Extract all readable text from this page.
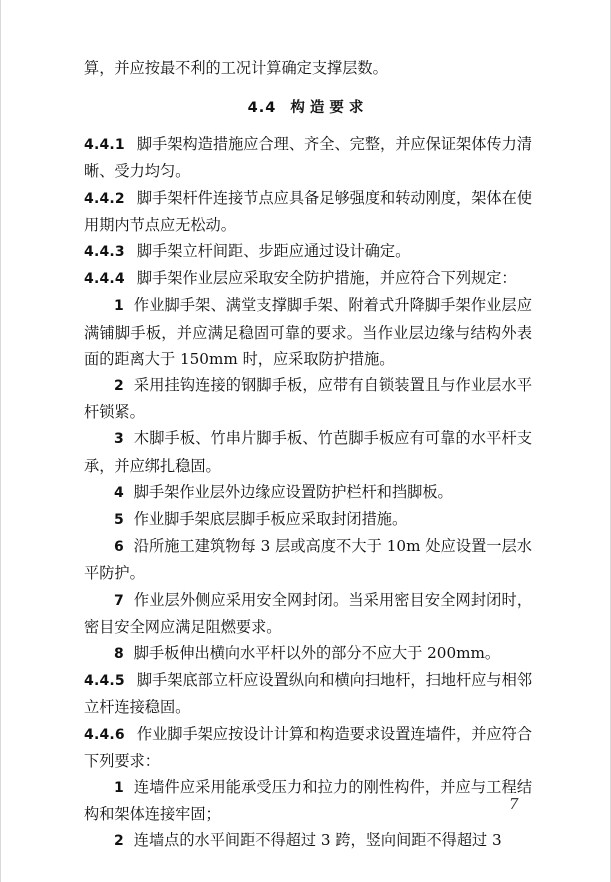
算，并应按最不利的工况计算确定支撑层数。

4.4 构造要求

4.4.1 脚手架构造措施应合理、齐全、完整，并应保证架体传力清晰、受力均匀。

4.4.2 脚手架杆件连接节点应具备足够强度和转动刚度，架体在使用期内节点应无松动。

4.4.3 脚手架立杆间距、步距应通过设计确定。

4.4.4 脚手架作业层应采取安全防护措施，并应符合下列规定：

1 作业脚手架、满堂支撑脚手架、附着式升降脚手架作业层应满铺脚手板，并应满足稳固可靠的要求。当作业层边缘与结构外表面的距离大于 150mm 时，应采取防护措施。

2 采用挂钩连接的钢脚手板，应带有自锁装置且与作业层水平杆锁紧。

3 木脚手板、竹串片脚手板、竹芭脚手板应有可靠的水平杆支承，并应绑扎稳固。

4 脚手架作业层外边缘应设置防护栏杆和挡脚板。

5 作业脚手架底层脚手板应采取封闭措施。

6 沿所施工建筑物每 3 层或高度不大于 10m 处应设置一层水平防护。

7 作业层外侧应采用安全网封闭。当采用密目安全网封闭时，密目安全网应满足阻燃要求。

8 脚手板伸出横向水平杆以外的部分不应大于 200mm。

4.4.5 脚手架底部立杆应设置纵向和横向扫地杆，扫地杆应与相邻立杆连接稳固。

4.4.6 作业脚手架应按设计计算和构造要求设置连墙件，并应符合下列要求：

1 连墙件应采用能承受压力和拉力的刚性构件，并应与工程结构和架体连接牢固；

2 连墙点的水平间距不得超过 3 跨，竖向间距不得超过 3

7
